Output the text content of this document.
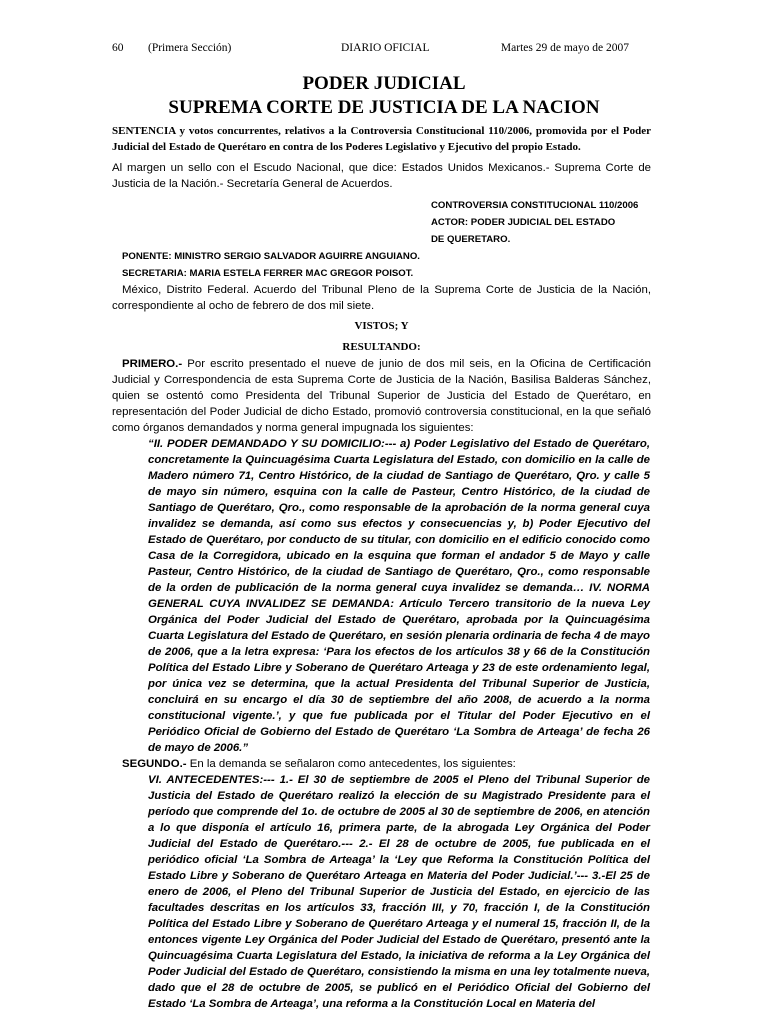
60 (Primera Sección)	DIARIO OFICIAL	Martes 29 de mayo de 2007
PODER JUDICIAL
SUPREMA CORTE DE JUSTICIA DE LA NACION

SENTENCIA y votos concurrentes, relativos a la Controversia Constitucional 110/2006, promovida por el Poder Judicial del Estado de Querétaro en contra de los Poderes Legislativo y Ejecutivo del propio Estado.

Al margen un sello con el Escudo Nacional, que dice: Estados Unidos Mexicanos.- Suprema Corte de Justicia de la Nación.- Secretaría General de Acuerdos.

CONTROVERSIA CONSTITUCIONAL 110/2006
ACTOR: PODER JUDICIAL DEL ESTADO
DE QUERETARO.
PONENTE: MINISTRO SERGIO SALVADOR AGUIRRE ANGUIANO.
SECRETARIA: MARIA ESTELA FERRER MAC GREGOR POISOT.

México, Distrito Federal. Acuerdo del Tribunal Pleno de la Suprema Corte de Justicia de la Nación, correspondiente al ocho de febrero de dos mil siete.

VISTOS; Y
RESULTANDO:

PRIMERO.- Por escrito presentado el nueve de junio de dos mil seis, en la Oficina de Certificación Judicial y Correspondencia de esta Suprema Corte de Justicia de la Nación, Basilisa Balderas Sánchez, quien se ostentó como Presidenta del Tribunal Superior de Justicia del Estado de Querétaro, en representación del Poder Judicial de dicho Estado, promovió controversia constitucional, en la que señaló como órganos demandados y norma general impugnada los siguientes:

“II. PODER DEMANDADO Y SU DOMICILIO:--- a) Poder Legislativo del Estado de Querétaro, concretamente la Quincuagésima Cuarta Legislatura del Estado, con domicilio en la calle de Madero número 71, Centro Histórico, de la ciudad de Santiago de Querétaro, Qro. y calle 5 de mayo sin número, esquina con la calle de Pasteur, Centro Histórico, de la ciudad de Santiago de Querétaro, Qro., como responsable de la aprobación de la norma general cuya invalidez se demanda, así como sus efectos y consecuencias y, b) Poder Ejecutivo del Estado de Querétaro, por conducto de su titular, con domicilio en el edificio conocido como Casa de la Corregidora, ubicado en la esquina que forman el andador 5 de Mayo y calle Pasteur, Centro Histórico, de la ciudad de Santiago de Querétaro, Qro., como responsable de la orden de publicación de la norma general cuya invalidez se demanda… IV. NORMA GENERAL CUYA INVALIDEZ SE DEMANDA: Artículo Tercero transitorio de la nueva Ley Orgánica del Poder Judicial del Estado de Querétaro, aprobada por la Quincuagésima Cuarta Legislatura del Estado de Querétaro, en sesión plenaria ordinaria de fecha 4 de mayo de 2006, que a la letra expresa: ‘Para los efectos de los artículos 38 y 66 de la Constitución Política del Estado Libre y Soberano de Querétaro Arteaga y 23 de este ordenamiento legal, por única vez se determina, que la actual Presidenta del Tribunal Superior de Justicia, concluirá en su encargo el día 30 de septiembre del año 2008, de acuerdo a la norma constitucional vigente.’, y que fue publicada por el Titular del Poder Ejecutivo en el Periódico Oficial de Gobierno del Estado de Querétaro ‘La Sombra de Arteaga’ de fecha 26 de mayo de 2006.”

SEGUNDO.- En la demanda se señalaron como antecedentes, los siguientes:

VI. ANTECEDENTES:--- 1.- El 30 de septiembre de 2005 el Pleno del Tribunal Superior de Justicia del Estado de Querétaro realizó la elección de su Magistrado Presidente para el período que comprende del 1o. de octubre de 2005 al 30 de septiembre de 2006, en atención a lo que disponía el artículo 16, primera parte, de la abrogada Ley Orgánica del Poder Judicial del Estado de Querétaro.--- 2.- El 28 de octubre de 2005, fue publicada en el periódico oficial ‘La Sombra de Arteaga’ la ‘Ley que Reforma la Constitución Política del Estado Libre y Soberano de Querétaro Arteaga en Materia del Poder Judicial.’--- 3.-El 25 de enero de 2006, el Pleno del Tribunal Superior de Justicia del Estado, en ejercicio de las facultades descritas en los artículos 33, fracción III, y 70, fracción I, de la Constitución Política del Estado Libre y Soberano de Querétaro Arteaga y el numeral 15, fracción II, de la entonces vigente Ley Orgánica del Poder Judicial del Estado de Querétaro, presentó ante la Quincuagésima Cuarta Legislatura del Estado, la iniciativa de reforma a la Ley Orgánica del Poder Judicial del Estado de Querétaro, consistiendo la misma en una ley totalmente nueva, dado que el 28 de octubre de 2005, se publicó en el Periódico Oficial del Gobierno del Estado ‘La Sombra de Arteaga’, una reforma a la Constitución Local en Materia del
